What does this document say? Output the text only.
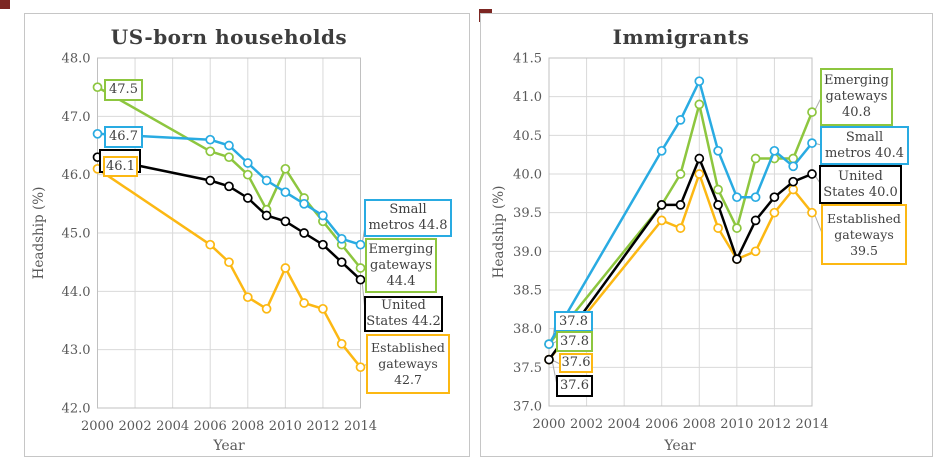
US-born households
48.0
47.0
46.0
45.0
44.0
43.0
42.0
2000 2002 2004 2006 2008 2010 2012 2014
Headship (%)
Year
47.5
46.7
46.1
Small
metros 44.8
Emerging
gateways
44.4
United
States 44.2
Established
gateways
42.7
Immigrants
41.5
41.0
40.5
40.0
39.5
39.0
38.5
38.0
37.5
37.0
2000 2002 2004 2006 2008 2010 2012 2014
Headship (%)
Year
37.8
37.8
37.6
37.6
Emerging
gateways
40.8
Small
metros 40.4
United
States 40.0
Established
gateways
39.5
